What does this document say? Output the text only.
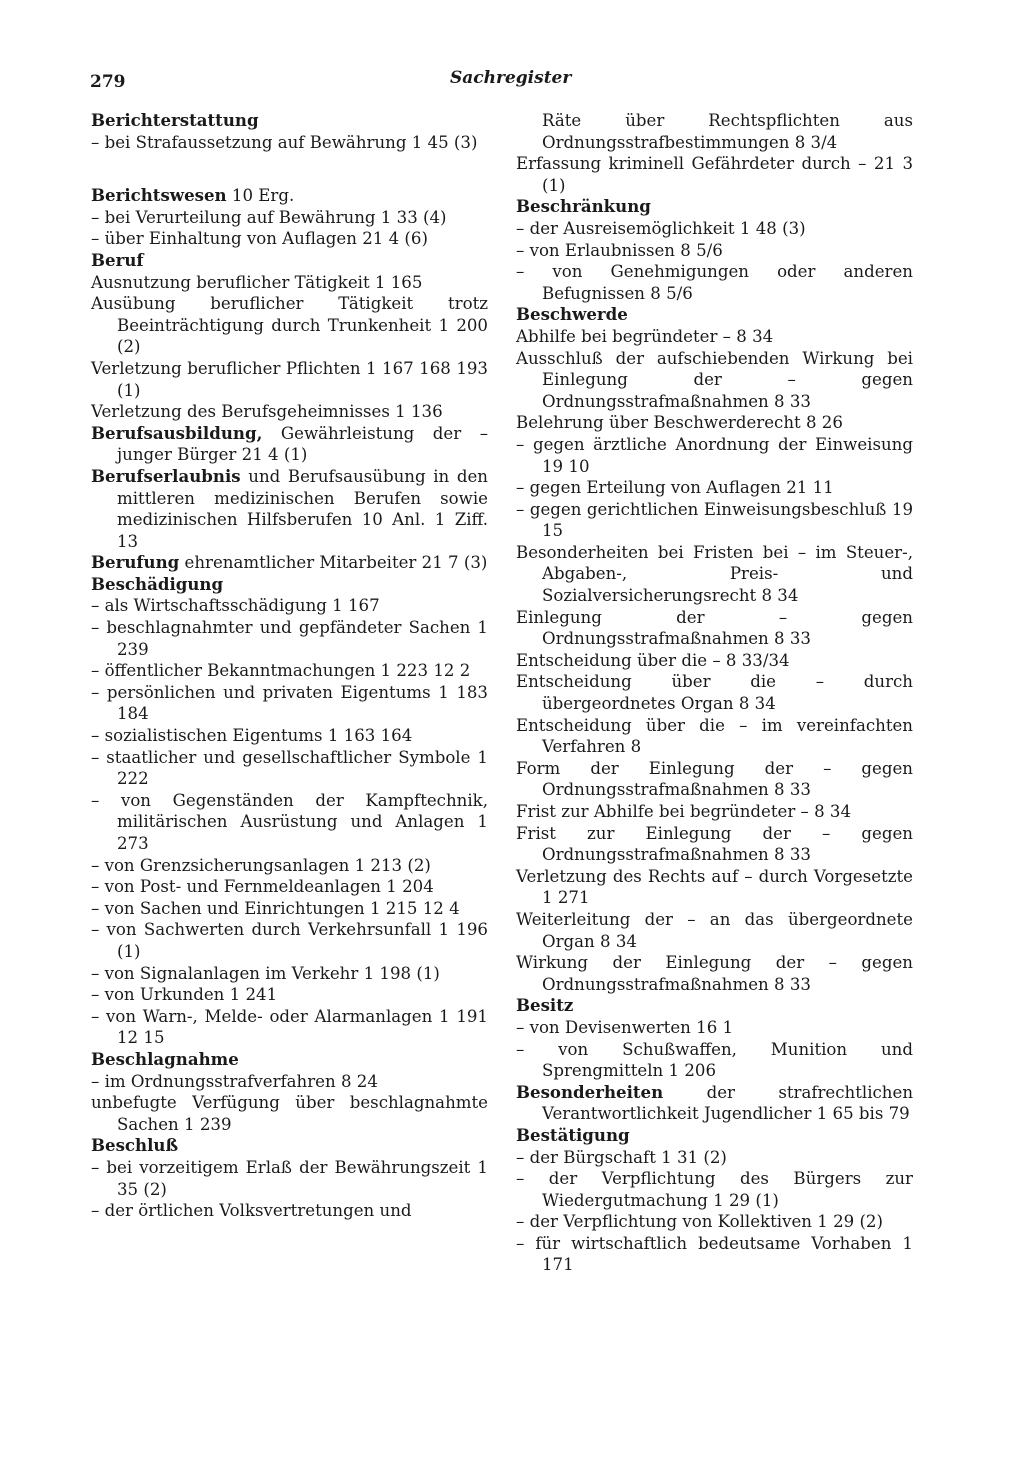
279	Sachregister
Berichterstattung
– bei Strafaussetzung auf Bewährung 1 45 (3)
Berichtswesen 10 Erg.
– bei Verurteilung auf Bewährung 1 33 (4)
– über Einhaltung von Auflagen 21 4 (6)
Beruf
Ausnutzung beruflicher Tätigkeit 1 165
Ausübung beruflicher Tätigkeit trotz Beeinträchtigung durch Trunkenheit 1 200 (2)
Verletzung beruflicher Pflichten 1 167 168 193 (1)
Verletzung des Berufsgeheimnisses 1 136
Berufsausbildung, Gewährleistung der – junger Bürger 21 4 (1)
Berufserlaubnis und Berufsausübung in den mittleren medizinischen Berufen sowie medizinischen Hilfsberufen 10 Anl. 1 Ziff. 13
Berufung ehrenamtlicher Mitarbeiter 21 7 (3)
Beschädigung
– als Wirtschaftsschädigung 1 167
– beschlagnahmter und gepfändeter Sachen 1 239
– öffentlicher Bekanntmachungen 1 223 12 2
– persönlichen und privaten Eigentums 1 183 184
– sozialistischen Eigentums 1 163 164
– staatlicher und gesellschaftlicher Symbole 1 222
– von Gegenständen der Kampftechnik, militärischen Ausrüstung und Anlagen 1 273
– von Grenzsicherungsanlagen 1 213 (2)
– von Post- und Fernmeldeanlagen 1 204
– von Sachen und Einrichtungen 1 215 12 4
– von Sachwerten durch Verkehrsunfall 1 196 (1)
– von Signalanlagen im Verkehr 1 198 (1)
– von Urkunden 1 241
– von Warn-, Melde- oder Alarmanlagen 1 191 12 15
Beschlagnahme
– im Ordnungsstrafverfahren 8 24
unbefugte Verfügung über beschlagnahmte Sachen 1 239
Beschluß
– bei vorzeitigem Erlaß der Bewährungszeit 1 35 (2)
– der örtlichen Volksvertretungen und
Räte über Rechtspflichten aus Ordnungsstrafbestimmungen 8 3/4
Erfassung kriminell Gefährdeter durch – 21 3 (1)
Beschränkung
– der Ausreisemöglichkeit 1 48 (3)
– von Erlaubnissen 8 5/6
– von Genehmigungen oder anderen Befugnissen 8 5/6
Beschwerde
Abhilfe bei begründeter – 8 34
Ausschluß der aufschiebenden Wirkung bei Einlegung der – gegen Ordnungsstrafmaßnahmen 8 33
Belehrung über Beschwerderecht 8 26
– gegen ärztliche Anordnung der Einweisung 19 10
– gegen Erteilung von Auflagen 21 11
– gegen gerichtlichen Einweisungsbeschluß 19 15
Besonderheiten bei Fristen bei – im Steuer-, Abgaben-, Preis- und Sozialversicherungsrecht 8 34
Einlegung der – gegen Ordnungsstrafmaßnahmen 8 33
Entscheidung über die – 8 33/34
Entscheidung über die – durch übergeordnetes Organ 8 34
Entscheidung über die – im vereinfachten Verfahren 8
Form der Einlegung der – gegen Ordnungsstrafmaßnahmen 8 33
Frist zur Abhilfe bei begründeter – 8 34
Frist zur Einlegung der – gegen Ordnungsstrafmaßnahmen 8 33
Verletzung des Rechts auf – durch Vorgesetzte 1 271
Weiterleitung der – an das übergeordnete Organ 8 34
Wirkung der Einlegung der – gegen Ordnungsstrafmaßnahmen 8 33
Besitz
– von Devisenwerten 16 1
– von Schußwaffen, Munition und Sprengmitteln 1 206
Besonderheiten der strafrechtlichen Verantwortlichkeit Jugendlicher 1 65 bis 79
Bestätigung
– der Bürgschaft 1 31 (2)
– der Verpflichtung des Bürgers zur Wiedergutmachung 1 29 (1)
– der Verpflichtung von Kollektiven 1 29 (2)
– für wirtschaftlich bedeutsame Vorhaben 1 171
